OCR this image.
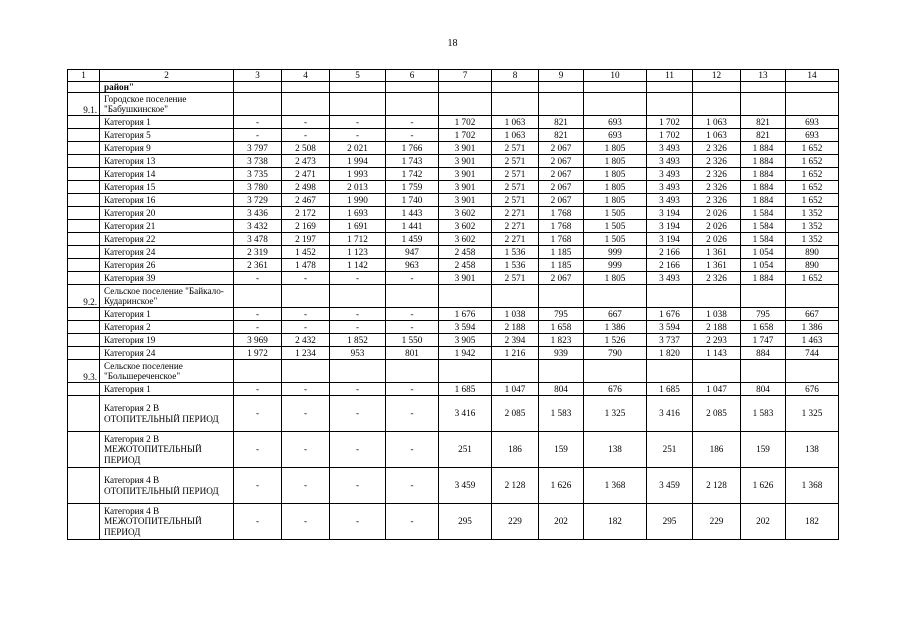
18
1	2	3	4	5	6	7	8	9	10	11	12	13	14
	район"												
9.1.	Городское поселение "Бабушкинское"												
	Категория 1	-	-	-	-	1 702	1 063	821	693	1 702	1 063	821	693
	Категория 5	-	-	-	-	1 702	1 063	821	693	1 702	1 063	821	693
	Категория 9	3 797	2 508	2 021	1 766	3 901	2 571	2 067	1 805	3 493	2 326	1 884	1 652
	Категория 13	3 738	2 473	1 994	1 743	3 901	2 571	2 067	1 805	3 493	2 326	1 884	1 652
	Категория 14	3 735	2 471	1 993	1 742	3 901	2 571	2 067	1 805	3 493	2 326	1 884	1 652
	Категория 15	3 780	2 498	2 013	1 759	3 901	2 571	2 067	1 805	3 493	2 326	1 884	1 652
	Категория 16	3 729	2 467	1 990	1 740	3 901	2 571	2 067	1 805	3 493	2 326	1 884	1 652
	Категория 20	3 436	2 172	1 693	1 443	3 602	2 271	1 768	1 505	3 194	2 026	1 584	1 352
	Категория 21	3 432	2 169	1 691	1 441	3 602	2 271	1 768	1 505	3 194	2 026	1 584	1 352
	Категория 22	3 478	2 197	1 712	1 459	3 602	2 271	1 768	1 505	3 194	2 026	1 584	1 352
	Категория 24	2 319	1 452	1 123	947	2 458	1 536	1 185	999	2 166	1 361	1 054	890
	Категория 26	2 361	1 478	1 142	963	2 458	1 536	1 185	999	2 166	1 361	1 054	890
	Категория 39	-	-	-	-	3 901	2 571	2 067	1 805	3 493	2 326	1 884	1 652
9.2.	Сельское поселение "Байкало-Кударинское"												
	Категория 1	-	-	-	-	1 676	1 038	795	667	1 676	1 038	795	667
	Категория 2	-	-	-	-	3 594	2 188	1 658	1 386	3 594	2 188	1 658	1 386
	Категория 19	3 969	2 432	1 852	1 550	3 905	2 394	1 823	1 526	3 737	2 293	1 747	1 463
	Категория 24	1 972	1 234	953	801	1 942	1 216	939	790	1 820	1 143	884	744
9.3.	Сельское поселение "Большереченское"												
	Категория 1	-	-	-	-	1 685	1 047	804	676	1 685	1 047	804	676
	Категория 2 В ОТОПИТЕЛЬНЫЙ ПЕРИОД	-	-	-	-	3 416	2 085	1 583	1 325	3 416	2 085	1 583	1 325
	Категория 2 В МЕЖОТОПИТЕЛЬНЫЙ ПЕРИОД	-	-	-	-	251	186	159	138	251	186	159	138
	Категория 4 В ОТОПИТЕЛЬНЫЙ ПЕРИОД	-	-	-	-	3 459	2 128	1 626	1 368	3 459	2 128	1 626	1 368
	Категория 4 В МЕЖОТОПИТЕЛЬНЫЙ ПЕРИОД	-	-	-	-	295	229	202	182	295	229	202	182
